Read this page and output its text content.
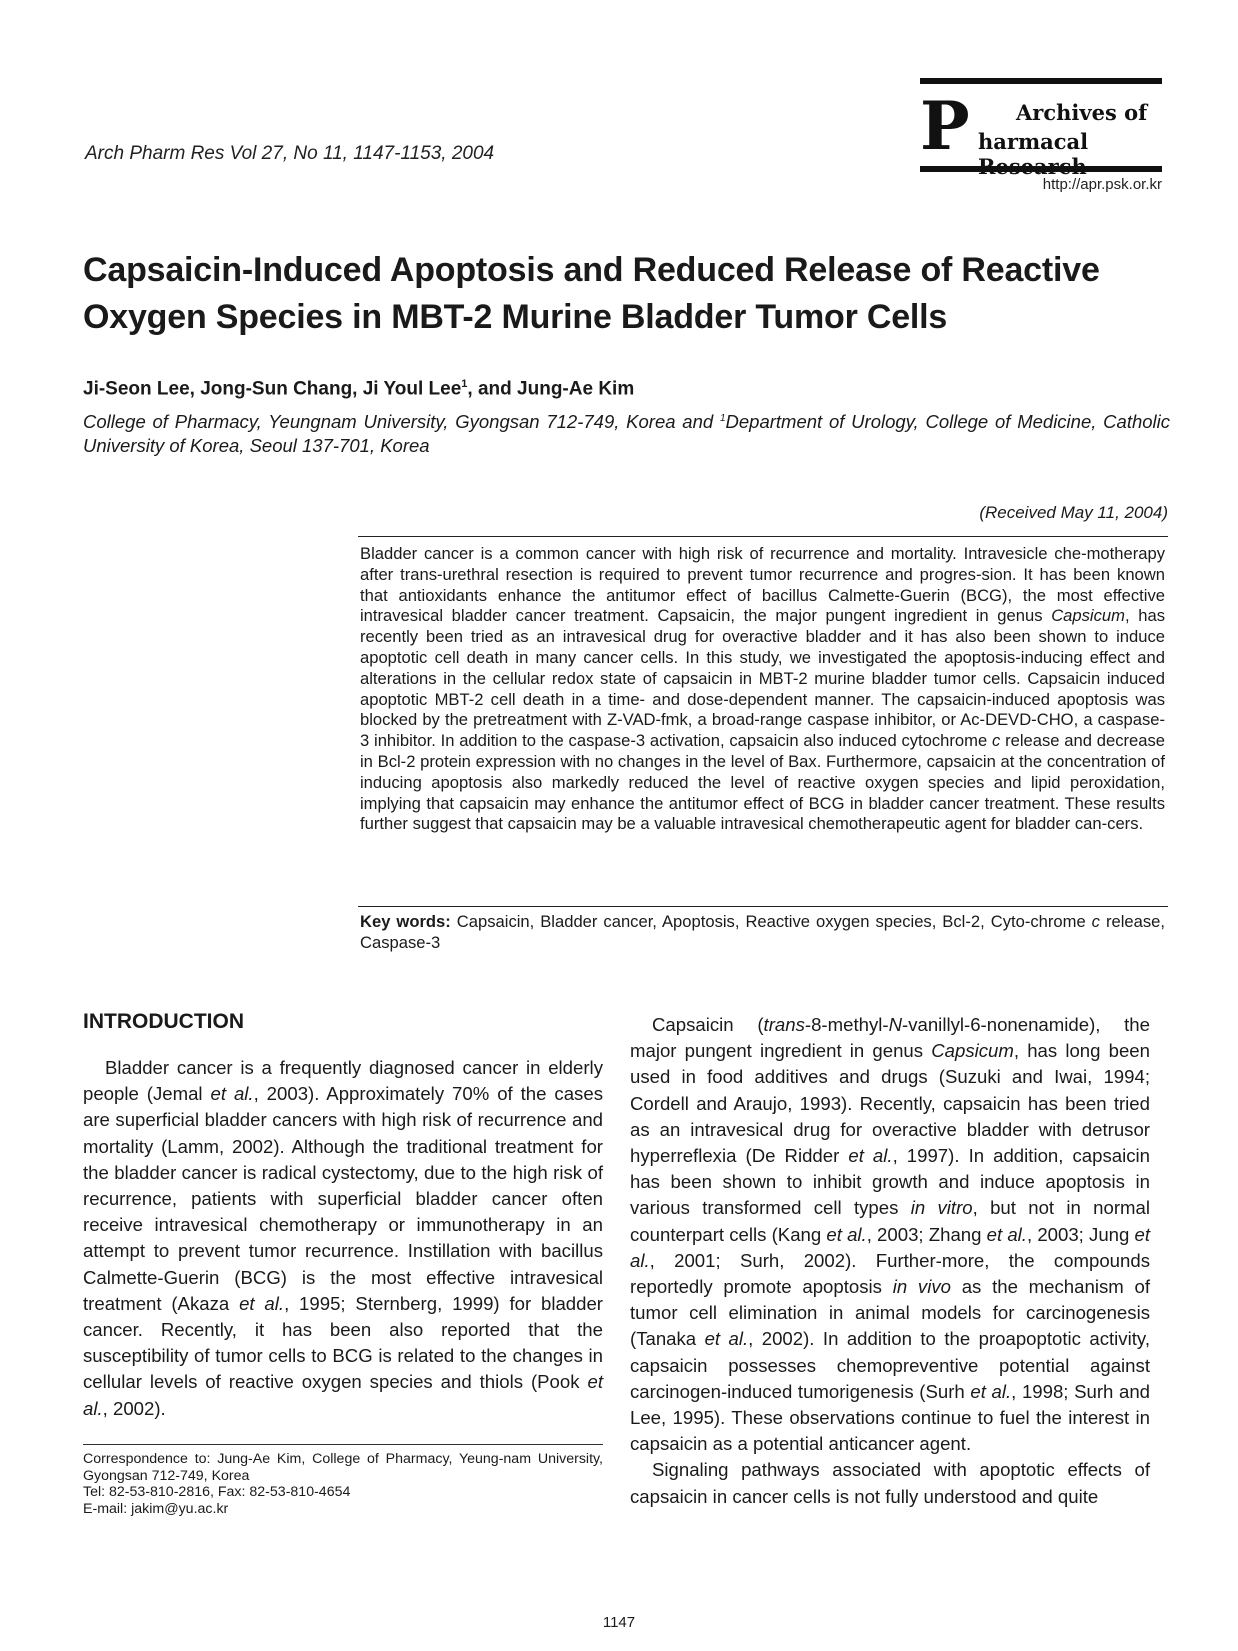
Arch Pharm Res Vol 27, No 11, 1147-1153, 2004	P Archives of
harmacal
http://apr.psk.or.kr
Capsaicin-Induced Apoptosis and Reduced Release of Reactive Oxygen Species in MBT-2 Murine Bladder Tumor Cells
Ji-Seon Lee, Jong-Sun Chang, Ji Youl Lee$^1$, and Jung-Ae Kim
College of Pharmacy, Yeungnam University, Gyongsan 712-749, Korea and $^1$Department of Urology, College of Medicine, Catholic University of Korea, Seoul 137-701, Korea
(Received May 11, 2004)
Bladder cancer is a common cancer with high risk of recurrence and mortality. Intravesicle che-motherapy after trans-urethral resection is required to prevent tumor recurrence and progres-sion. It has been known that antioxidants enhance the antitumor effect of bacillus Calmette-Guerin (BCG), the most effective intravesical bladder cancer treatment. Capsaicin, the major pungent ingredient in genus Capsicum, has recently been tried as an intravesical drug for overactive bladder and it has also been shown to induce apoptotic cell death in many cancer cells. In this study, we investigated the apoptosis-inducing effect and alterations in the cellular redox state of capsaicin in MBT-2 murine bladder tumor cells. Capsaicin induced apoptotic MBT-2 cell death in a time- and dose-dependent manner. The capsaicin-induced apoptosis was blocked by the pretreatment with Z-VAD-fmk, a broad-range caspase inhibitor, or Ac-DEVD-CHO, a caspase-3 inhibitor. In addition to the caspase-3 activation, capsaicin also induced cytochrome c release and decrease in Bcl-2 protein expression with no changes in the level of Bax. Furthermore, capsaicin at the concentration of inducing apoptosis also markedly reduced the level of reactive oxygen species and lipid peroxidation, implying that capsaicin may enhance the antitumor effect of BCG in bladder cancer treatment. These results further suggest that capsaicin may be a valuable intravesical chemotherapeutic agent for bladder can-cers.
Key words: Capsaicin, Bladder cancer, Apoptosis, Reactive oxygen species, Bcl-2, Cyto-chrome c release, Caspase-3
INTRODUCTION

Bladder cancer is a frequently diagnosed cancer in elderly people (Jemal et al., 2003). Approximately 70% of the cases are superficial bladder cancers with high risk of recurrence and mortality (Lamm, 2002). Although the traditional treatment for the bladder cancer is radical cystectomy, due to the high risk of recurrence, patients with superficial bladder cancer often receive intravesical chemotherapy or immunotherapy in an attempt to prevent tumor recurrence. Instillation with bacillus Calmette-Guerin (BCG) is the most effective intravesical treatment (Akaza et al., 1995; Sternberg, 1999) for bladder cancer. Recently, it has been also reported that the susceptibility of tumor cells to BCG is related to the changes in cellular levels of reactive oxygen species and thiols (Pook et al., 2002).

Correspondence to: Jung-Ae Kim, College of Pharmacy, Yeung-nam University, Gyongsan 712-749, Korea
Tel: 82-53-810-2816, Fax: 82-53-810-4654
E-mail: jakim@yu.ac.kr

Capsaicin (trans-8-methyl-N-vanillyl-6-nonenamide), the major pungent ingredient in genus Capsicum, has long been used in food additives and drugs (Suzuki and Iwai, 1994; Cordell and Araujo, 1993). Recently, capsaicin has been tried as an intravesical drug for overactive bladder with detrusor hyperreflexia (De Ridder et al., 1997). In addition, capsaicin has been shown to inhibit growth and induce apoptosis in various transformed cell types in vitro, but not in normal counterpart cells (Kang et al., 2003; Zhang et al., 2003; Jung et al., 2001; Surh, 2002). Further-more, the compounds reportedly promote apoptosis in vivo as the mechanism of tumor cell elimination in animal models for carcinogenesis (Tanaka et al., 2002). In addition to the proapoptotic activity, capsaicin possesses chemopreventive potential against carcinogen-induced tumorigenesis (Surh et al., 1998; Surh and Lee, 1995). These observations continue to fuel the interest in capsaicin as a potential anticancer agent.

Signaling pathways associated with apoptotic effects of capsaicin in cancer cells is not fully understood and quite

1147
